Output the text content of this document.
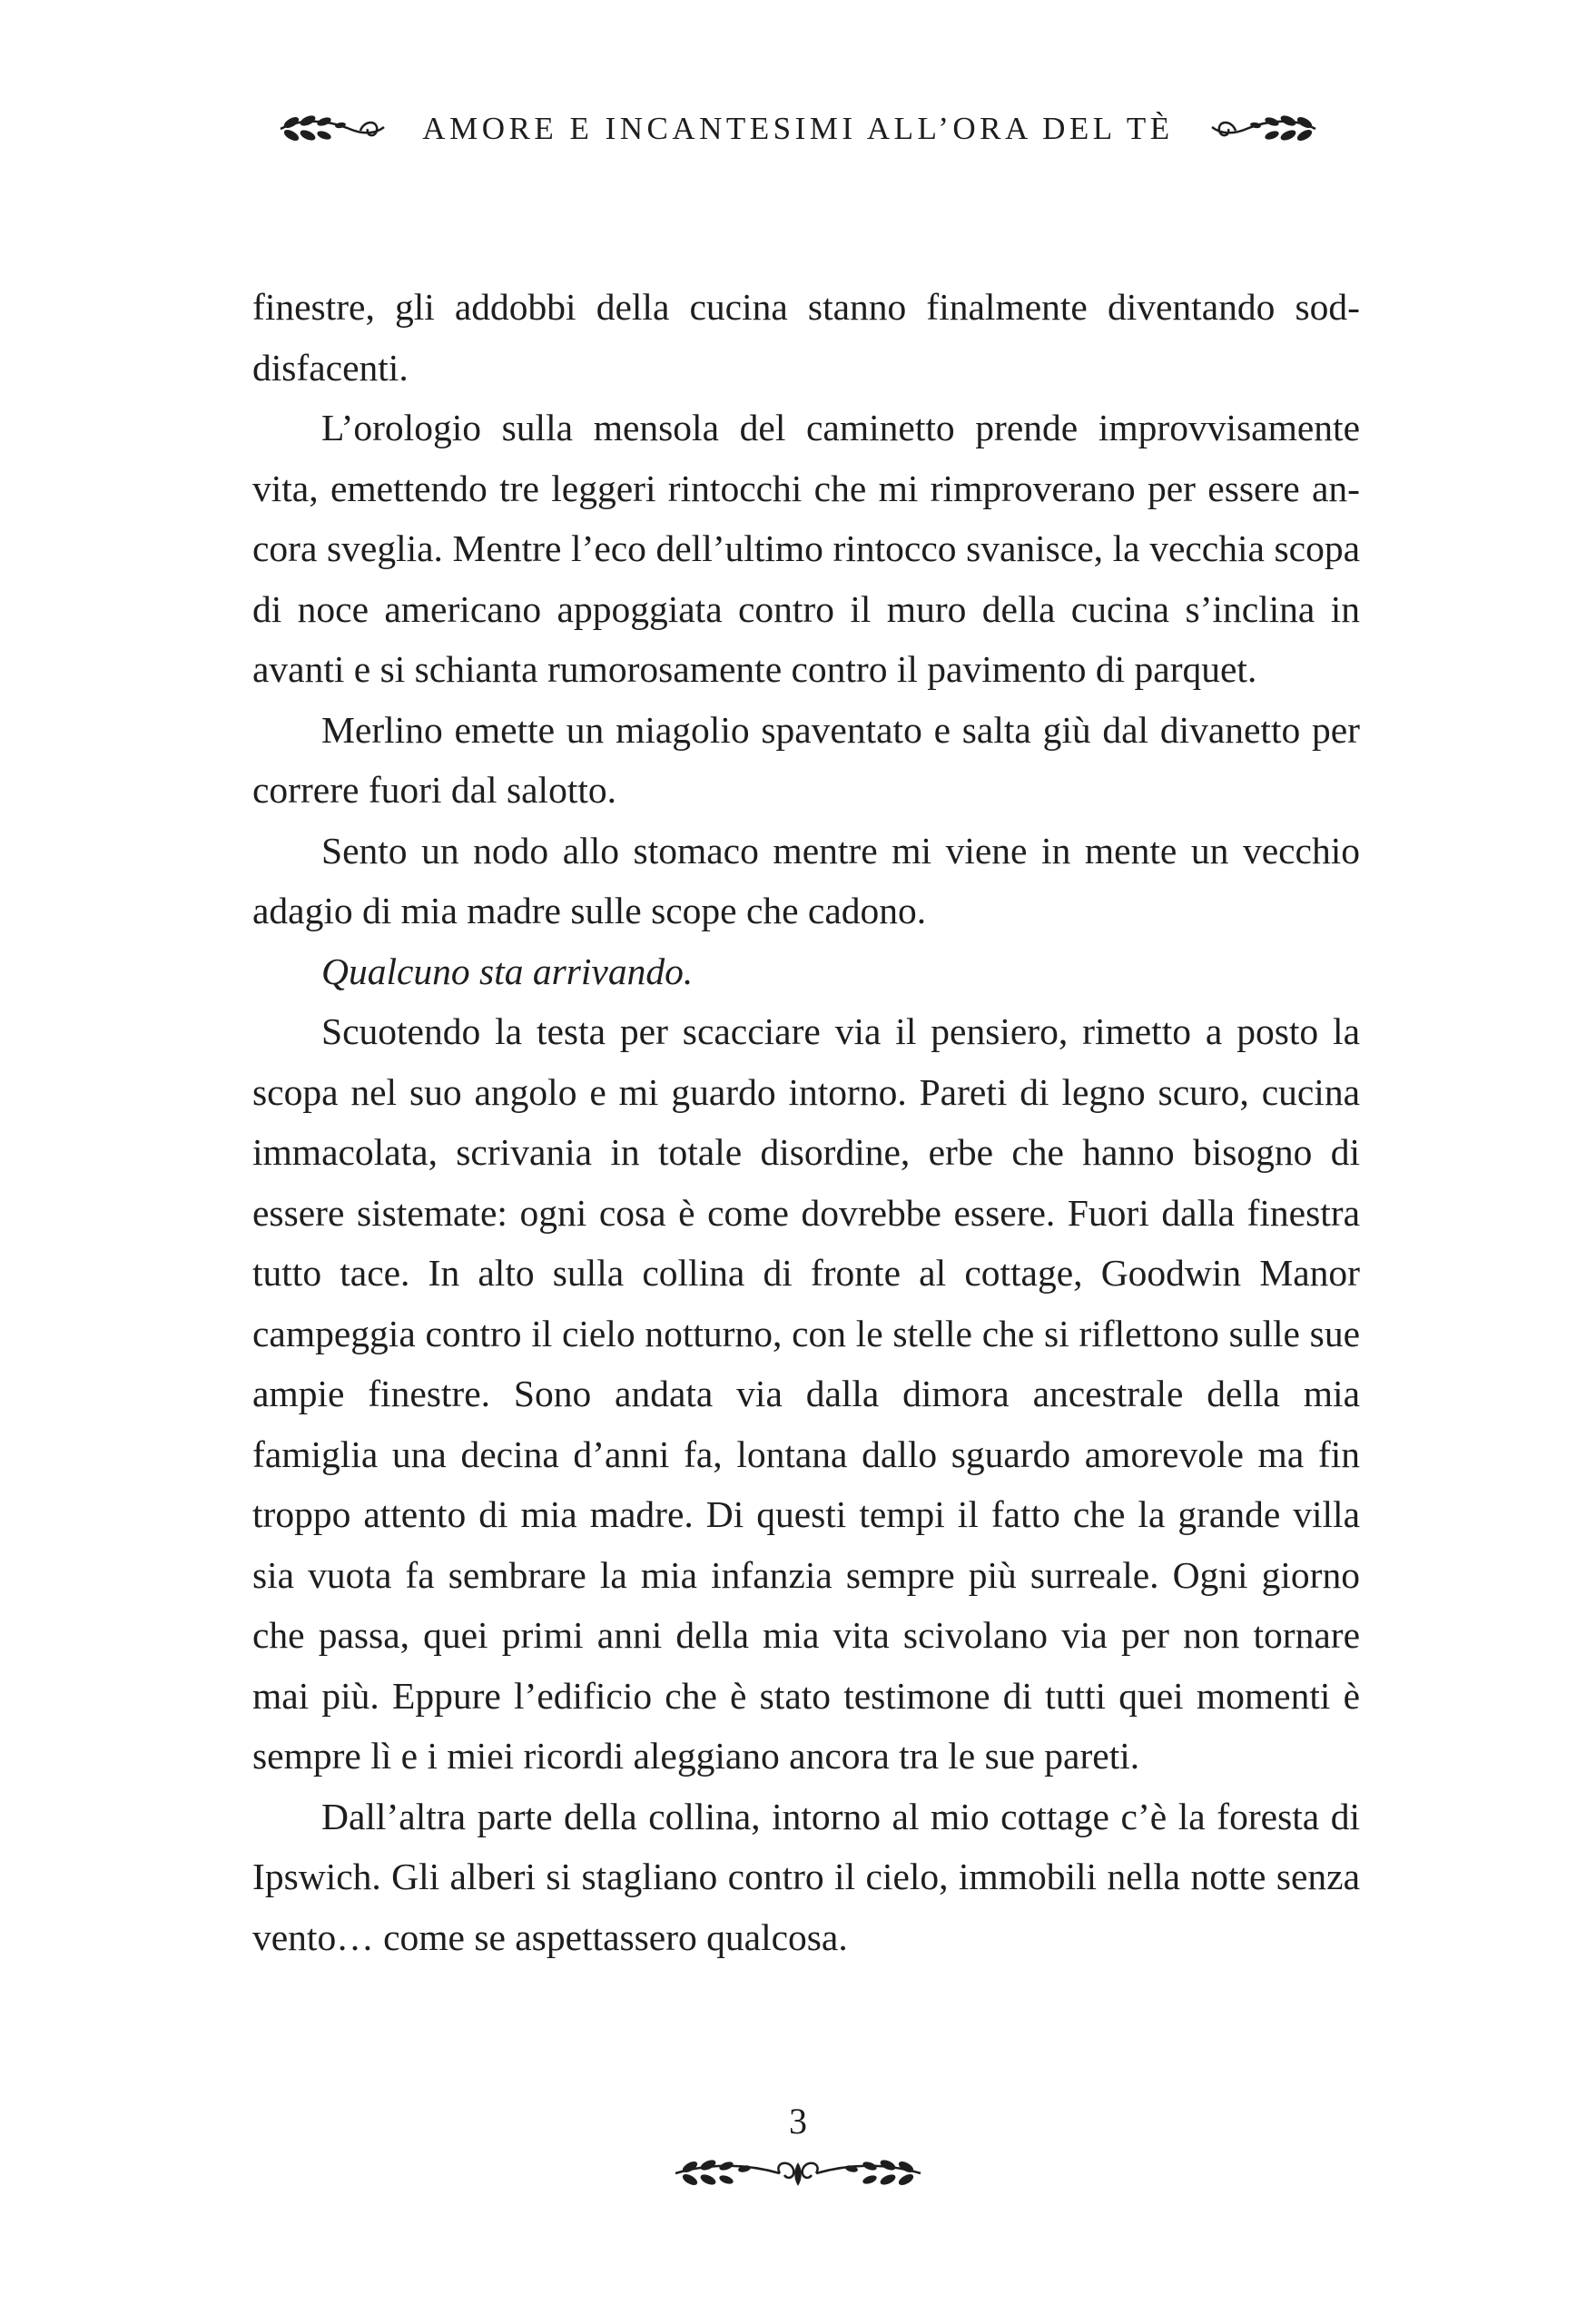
AMORE E INCANTESIMI ALL’ORA DEL TÈ

finestre, gli addobbi della cucina stanno finalmente diventando soddisfacenti.

L’orologio sulla mensola del caminetto prende improvvisamente vita, emettendo tre leggeri rintocchi che mi rimproverano per essere ancora sveglia. Mentre l’eco dell’ultimo rintocco svanisce, la vecchia scopa di noce americano appoggiata contro il muro della cucina s’inclina in avanti e si schianta rumorosamente contro il pavimento di parquet.

Merlino emette un miagolio spaventato e salta giù dal divanetto per correre fuori dal salotto.

Sento un nodo allo stomaco mentre mi viene in mente un vecchio adagio di mia madre sulle scope che cadono.

Qualcuno sta arrivando.

Scuotendo la testa per scacciare via il pensiero, rimetto a posto la scopa nel suo angolo e mi guardo intorno. Pareti di legno scuro, cucina immacolata, scrivania in totale disordine, erbe che hanno bisogno di essere sistemate: ogni cosa è come dovrebbe essere. Fuori dalla finestra tutto tace. In alto sulla collina di fronte al cottage, Goodwin Manor campeggia contro il cielo notturno, con le stelle che si riflettono sulle sue ampie finestre. Sono andata via dalla dimora ancestrale della mia famiglia una decina d’anni fa, lontana dallo sguardo amorevole ma fin troppo attento di mia madre. Di questi tempi il fatto che la grande villa sia vuota fa sembrare la mia infanzia sempre più surreale. Ogni giorno che passa, quei primi anni della mia vita scivolano via per non tornare mai più. Eppure l’edificio che è stato testimone di tutti quei momenti è sempre lì e i miei ricordi aleggiano ancora tra le sue pareti.

Dall’altra parte della collina, intorno al mio cottage c’è la foresta di Ipswich. Gli alberi si stagliano contro il cielo, immobili nella notte senza vento… come se aspettassero qualcosa.

3
